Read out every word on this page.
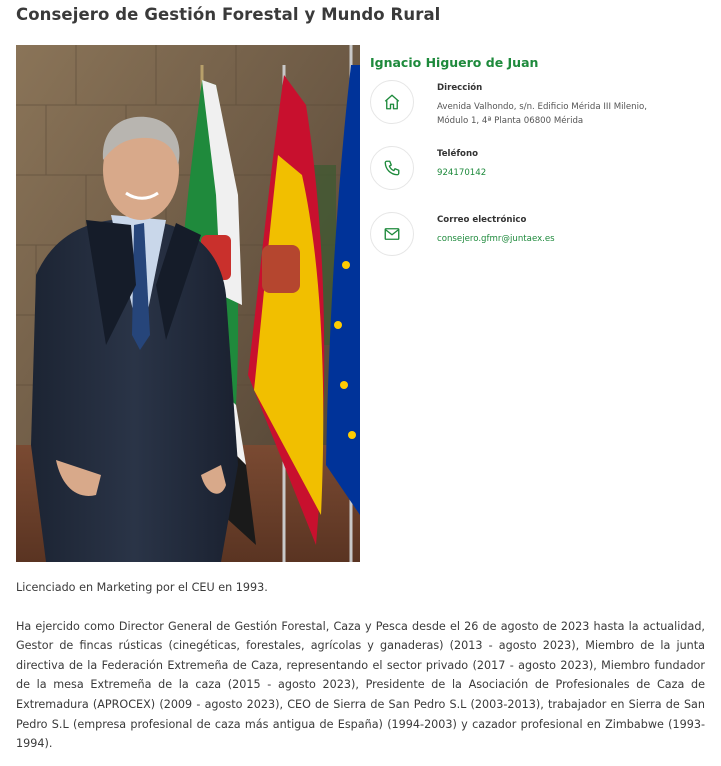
Consejero de Gestión Forestal y Mundo Rural
Ignacio Higuero de Juan
Dirección
Avenida Valhondo, s/n. Edificio Mérida III Milenio,
Módulo 1, 4ª Planta 06800 Mérida
Teléfono
924170142
Correo electrónico
consejero.gfmr@juntaex.es

Licenciado en Marketing por el CEU en 1993.

Ha ejercido como Director General de Gestión Forestal, Caza y Pesca desde el 26 de agosto de 2023 hasta la actualidad, Gestor de fincas rústicas (cinegéticas, forestales, agrícolas y ganaderas) (2013 - agosto 2023), Miembro de la junta directiva de la Federación Extremeña de Caza, representando el sector privado (2017 - agosto 2023), Miembro fundador de la mesa Extremeña de la caza (2015 - agosto 2023), Presidente de la Asociación de Profesionales de Caza de Extremadura (APROCEX) (2009 - agosto 2023), CEO de Sierra de San Pedro S.L (2003-2013), trabajador en Sierra de San Pedro S.L (empresa profesional de caza más antigua de España) (1994-2003) y cazador profesional en Zimbabwe (1993-1994).
